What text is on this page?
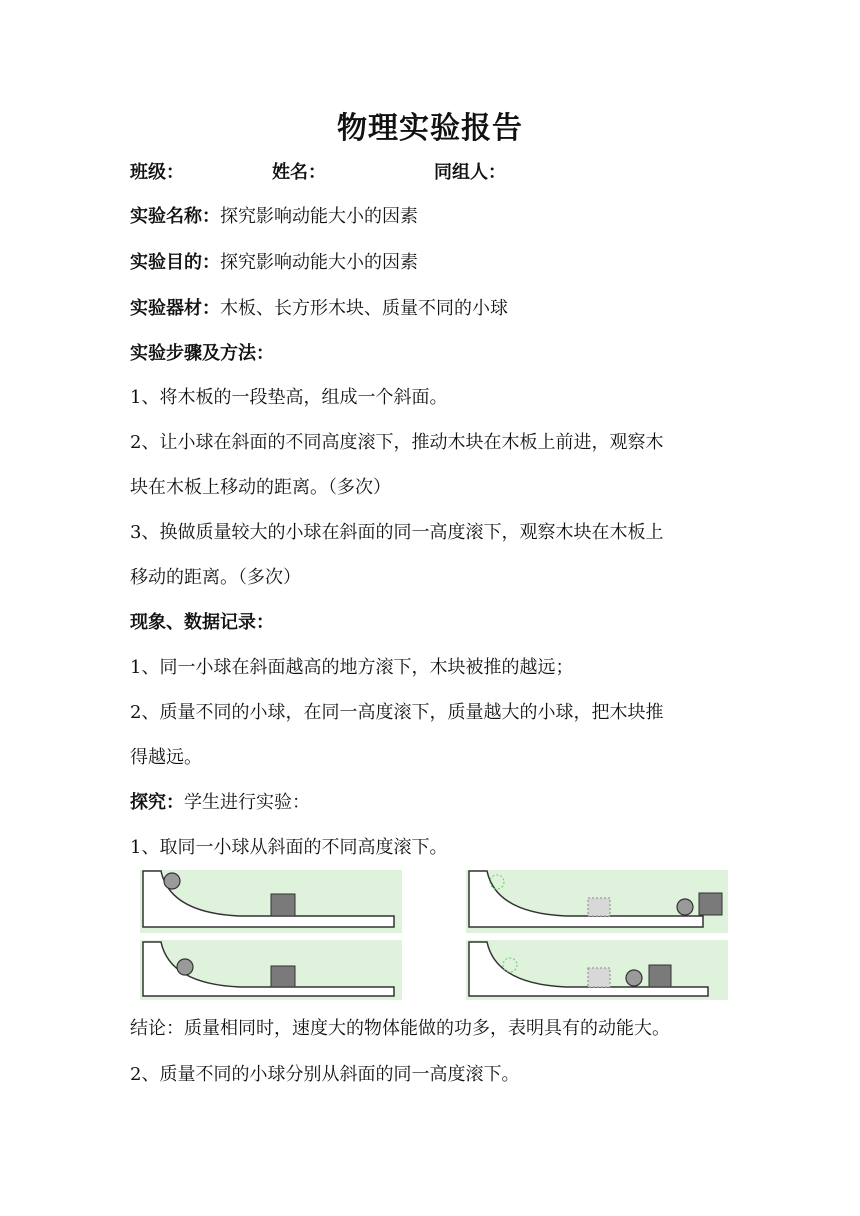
物理实验报告
班级：	姓名：	同组人：
实验名称：探究影响动能大小的因素
实验目的：探究影响动能大小的因素
实验器材：木板、长方形木块、质量不同的小球
实验步骤及方法：
1、将木板的一段垫高，组成一个斜面。
2、让小球在斜面的不同高度滚下，推动木块在木板上前进，观察木
块在木板上移动的距离。（多次）
3、换做质量较大的小球在斜面的同一高度滚下，观察木块在木板上
移动的距离。（多次）
现象、数据记录：
1、同一小球在斜面越高的地方滚下，木块被推的越远；
2、质量不同的小球，在同一高度滚下，质量越大的小球，把木块推
得越远。
探究：学生进行实验：
1、取同一小球从斜面的不同高度滚下。
结论：质量相同时，速度大的物体能做的功多，表明具有的动能大。
2、质量不同的小球分别从斜面的同一高度滚下。
